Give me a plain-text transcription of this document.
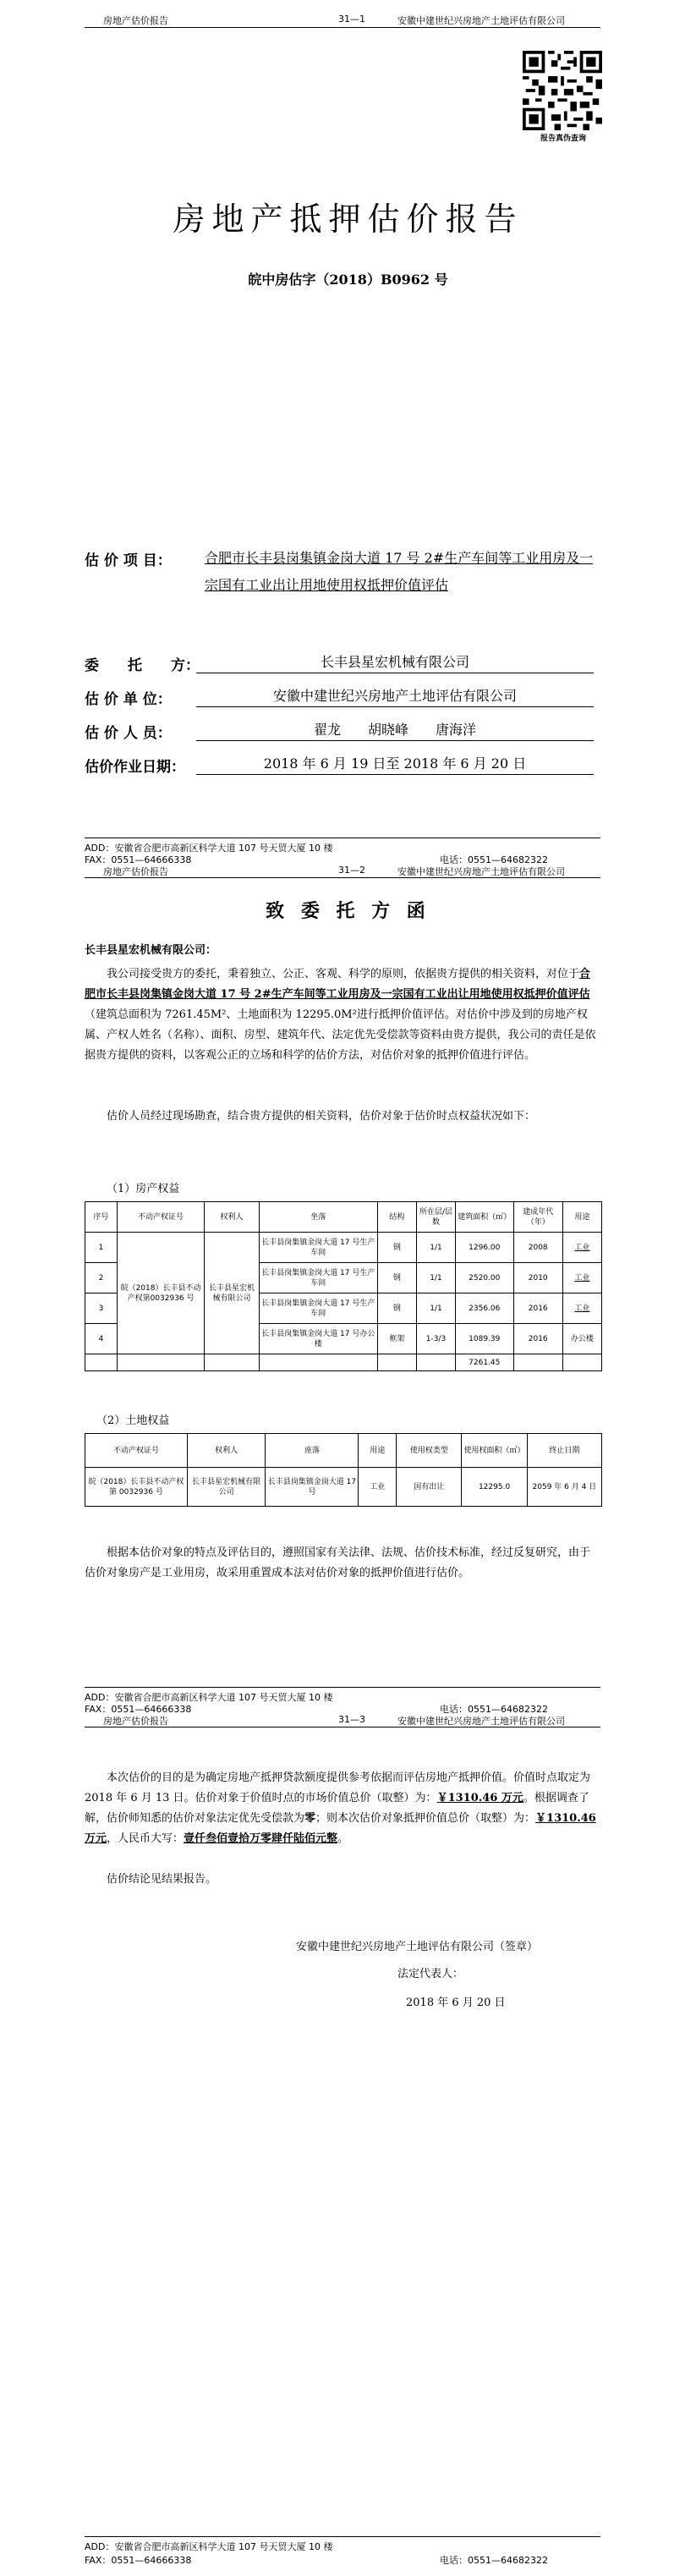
房地产估价报告	31—1	安徽中建世纪兴房地产土地评估有限公司
报告真伪查询
房地产抵押估价报告
皖中房估字（2018）B0962 号
估 价 项 目： 合肥市长丰县岗集镇金岗大道 17 号 2#生产车间等工业用房及一宗国有工业出让用地使用权抵押价值评估
委　　托　　方：	长丰县星宏机械有限公司
估 价 单 位：	安徽中建世纪兴房地产土地评估有限公司
估 价 人 员：	翟龙　　胡晓峰　　唐海洋
估价作业日期：	2018 年 6 月 19 日至 2018 年 6 月 20 日
ADD：安徽省合肥市高新区科学大道 107 号天贸大厦 10 楼
FAX：0551—64666338	电话：0551—64682322
房地产估价报告	31—2	安徽中建世纪兴房地产土地评估有限公司
致 委 托 方 函
长丰县星宏机械有限公司：
我公司接受贵方的委托，秉着独立、公正、客观、科学的原则，依据贵方提供的相关资料，对位于合肥市长丰县岗集镇金岗大道 17 号 2#生产车间等工业用房及一宗国有工业出让用地使用权抵押价值评估（建筑总面积为 7261.45M²、土地面积为 12295.0M²进行抵押价值评估。对估价中涉及到的房地产权属、产权人姓名（名称）、面积、房型、建筑年代、法定优先受偿款等资料由贵方提供，我公司的责任是依据贵方提供的资料，以客观公正的立场和科学的估价方法，对估价对象的抵押价值进行评估。
估价人员经过现场勘查，结合贵方提供的相关资料，估价对象于估价时点权益状况如下：
（1）房产权益
序号	不动产权证号	权利人	坐落	结构	所在层/层数	建筑面积（㎡）	建成年代（年）	用途
1	皖（2018）长丰县不动产权第0032936 号	长丰县星宏机械有限公司	长丰县岗集镇金岗大道 17 号生产车间	钢	1/1	1296.00	2008	工业
2			长丰县岗集镇金岗大道 17 号生产车间	钢	1/1	2520.00	2010	工业
3			长丰县岗集镇金岗大道 17 号生产车间	钢	1/1	2356.06	2016	工业
4			长丰县岗集镇金岗大道 17 号办公楼	框架	1-3/3	1089.39	2016	办公楼
						7261.45		
（2）土地权益
不动产权证号	权利人	座落	用途	使用权类型	使用权面积（㎡）	终止日期
皖（2018）长丰县不动产权第 0032936 号	长丰县星宏机械有限公司	长丰县岗集镇金岗大道 17 号	工业	国有出让	12295.0	2059 年 6 月 4 日
根据本估价对象的特点及评估目的，遵照国家有关法律、法规、估价技术标准，经过反复研究，由于估价对象房产是工业用房，故采用重置成本法对估价对象的抵押价值进行估价。
ADD：安徽省合肥市高新区科学大道 107 号天贸大厦 10 楼
FAX：0551—64666338	电话：0551—64682322
房地产估价报告	31—3	安徽中建世纪兴房地产土地评估有限公司
本次估价的目的是为确定房地产抵押贷款额度提供参考依据而评估房地产抵押价值。价值时点取定为 2018 年 6 月 13 日。估价对象于价值时点的市场价值总价（取整）为：￥1310.46 万元。根据调查了解，估价师知悉的估价对象法定优先受偿款为零；则本次估价对象抵押价值总价（取整）为：￥1310.46 万元，人民币大写：壹仟叁佰壹拾万零肆仟陆佰元整。
估价结论见结果报告。
安徽中建世纪兴房地产土地评估有限公司（签章）
法定代表人：
2018 年 6 月 20 日
ADD：安徽省合肥市高新区科学大道 107 号天贸大厦 10 楼
FAX：0551—64666338	电话：0551—64682322
